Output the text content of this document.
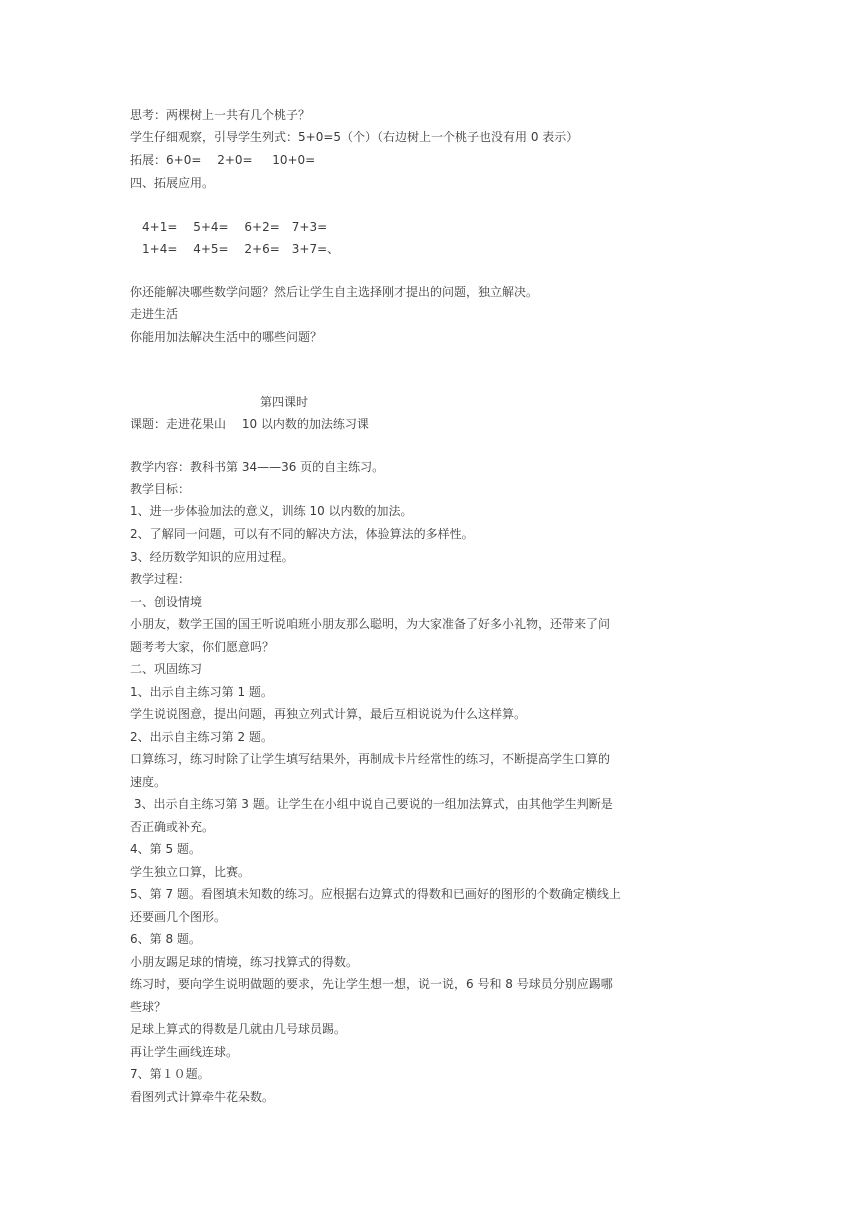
思考：两棵树上一共有几个桃子？
学生仔细观察，引导学生列式：5+0=5（个）（右边树上一个桃子也没有用 0 表示）
拓展：6+0=　 2+0= 　 10+0=
四、拓展应用。
　4+1=　 5+4=　 6+2=　7+3=
　1+4=　 4+5=　 2+6=　3+7=、
你还能解决哪些数学问题？然后让学生自主选择刚才提出的问题，独立解决。
走进生活
你能用加法解决生活中的哪些问题？
第四课时
课题：走进花果山　 10 以内数的加法练习课
教学内容：教科书第 34——36 页的自主练习。
教学目标：
1、进一步体验加法的意义，训练 10 以内数的加法。
2、了解同一问题，可以有不同的解决方法，体验算法的多样性。
3、经历数学知识的应用过程。
教学过程：
一、创设情境
小朋友，数学王国的国王听说咱班小朋友那么聪明，为大家准备了好多小礼物，还带来了问
题考考大家，你们愿意吗？
二、巩固练习
1、出示自主练习第 1 题。
学生说说图意，提出问题，再独立列式计算，最后互相说说为什么这样算。
2、出示自主练习第 2 题。
口算练习，练习时除了让学生填写结果外，再制成卡片经常性的练习，不断提高学生口算的
速度。
3、出示自主练习第 3 题。让学生在小组中说自己要说的一组加法算式，由其他学生判断是
否正确或补充。
4、第 5 题。
学生独立口算，比赛。
5、第 7 题。看图填未知数的练习。应根据右边算式的得数和已画好的图形的个数确定横线上
还要画几个图形。
6、第 8 题。
小朋友踢足球的情境，练习找算式的得数。
练习时，要向学生说明做题的要求，先让学生想一想，说一说，6 号和 8 号球员分别应踢哪
些球？
足球上算式的得数是几就由几号球员踢。
再让学生画线连球。
7、第１０题。
看图列式计算牵牛花朵数。
